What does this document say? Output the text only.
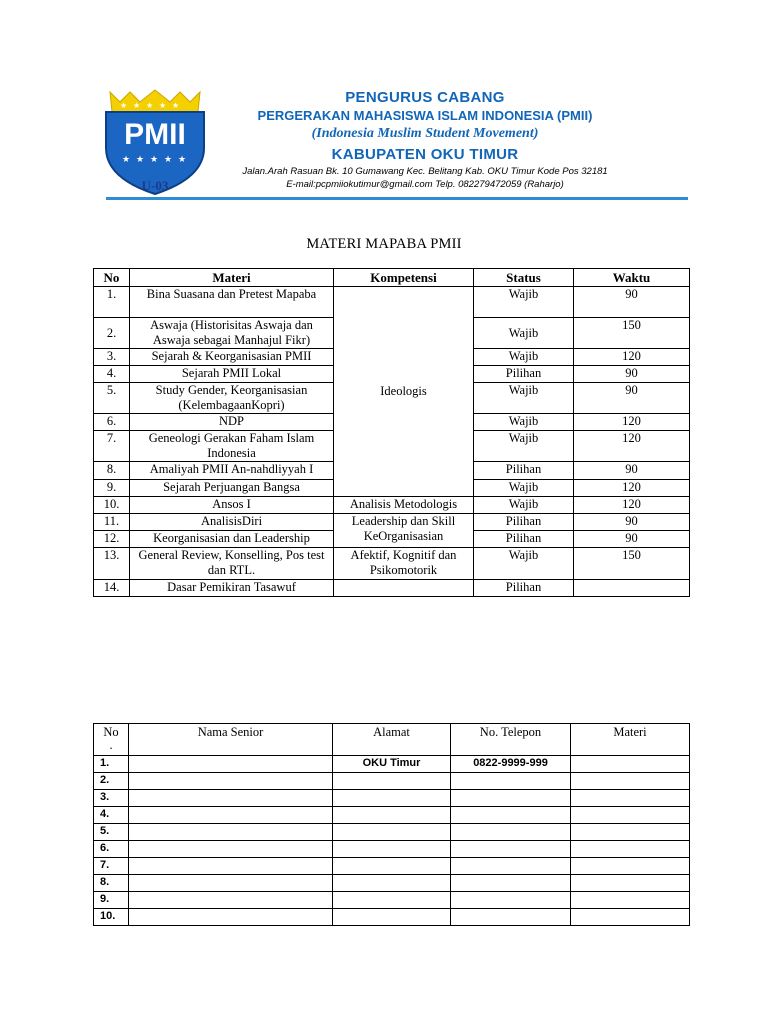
★ ★ ★ ★ ★
PMII
★ ★ ★ ★ ★
U-03
PENGURUS CABANG
PERGERAKAN MAHASISWA ISLAM INDONESIA (PMII)
(Indonesia Muslim Student Movement)
KABUPATEN OKU TIMUR
Jalan.Arah Rasuan Bk. 10 Gumawang Kec. Belitang Kab. OKU Timur Kode Pos 32181
E-mail:pcpmiiokutimur@gmail.com Telp. 082279472059 (Raharjo)
MATERI MAPABA PMII
No	Materi	Kompetensi	Status	Waktu
1.	Bina Suasana dan Pretest Mapaba	Ideologis	Wajib	90
2.	Aswaja (Historisitas Aswaja dan Aswaja sebagai Manhajul Fikr)		Wajib	150
3.	Sejarah & Keorganisasian PMII		Wajib	120
4.	Sejarah PMII Lokal		Pilihan	90
5.	Study Gender, Keorganisasian (KelembagaanKopri)		Wajib	90
6.	NDP		Wajib	120
7.	Geneologi Gerakan Faham Islam Indonesia		Wajib	120
8.	Amaliyah PMII An-nahdliyyah I		Pilihan	90
9.	Sejarah Perjuangan Bangsa		Wajib	120
10.	Ansos I	Analisis Metodologis	Wajib	120
11.	AnalisisDiri	Leadership dan Skill KeOrganisasian	Pilihan	90
12.	Keorganisasian dan Leadership		Pilihan	90
13.	General Review, Konselling, Pos test dan RTL.	Afektif, Kognitif dan Psikomotorik	Wajib	150
14.	Dasar Pemikiran Tasawuf		Pilihan	
No
.	Nama Senior	Alamat	No. Telepon	Materi
1.		OKU Timur	0822-9999-999	
2.				
3.				
4.				
5.				
6.				
7.				
8.				
9.				
10.				
